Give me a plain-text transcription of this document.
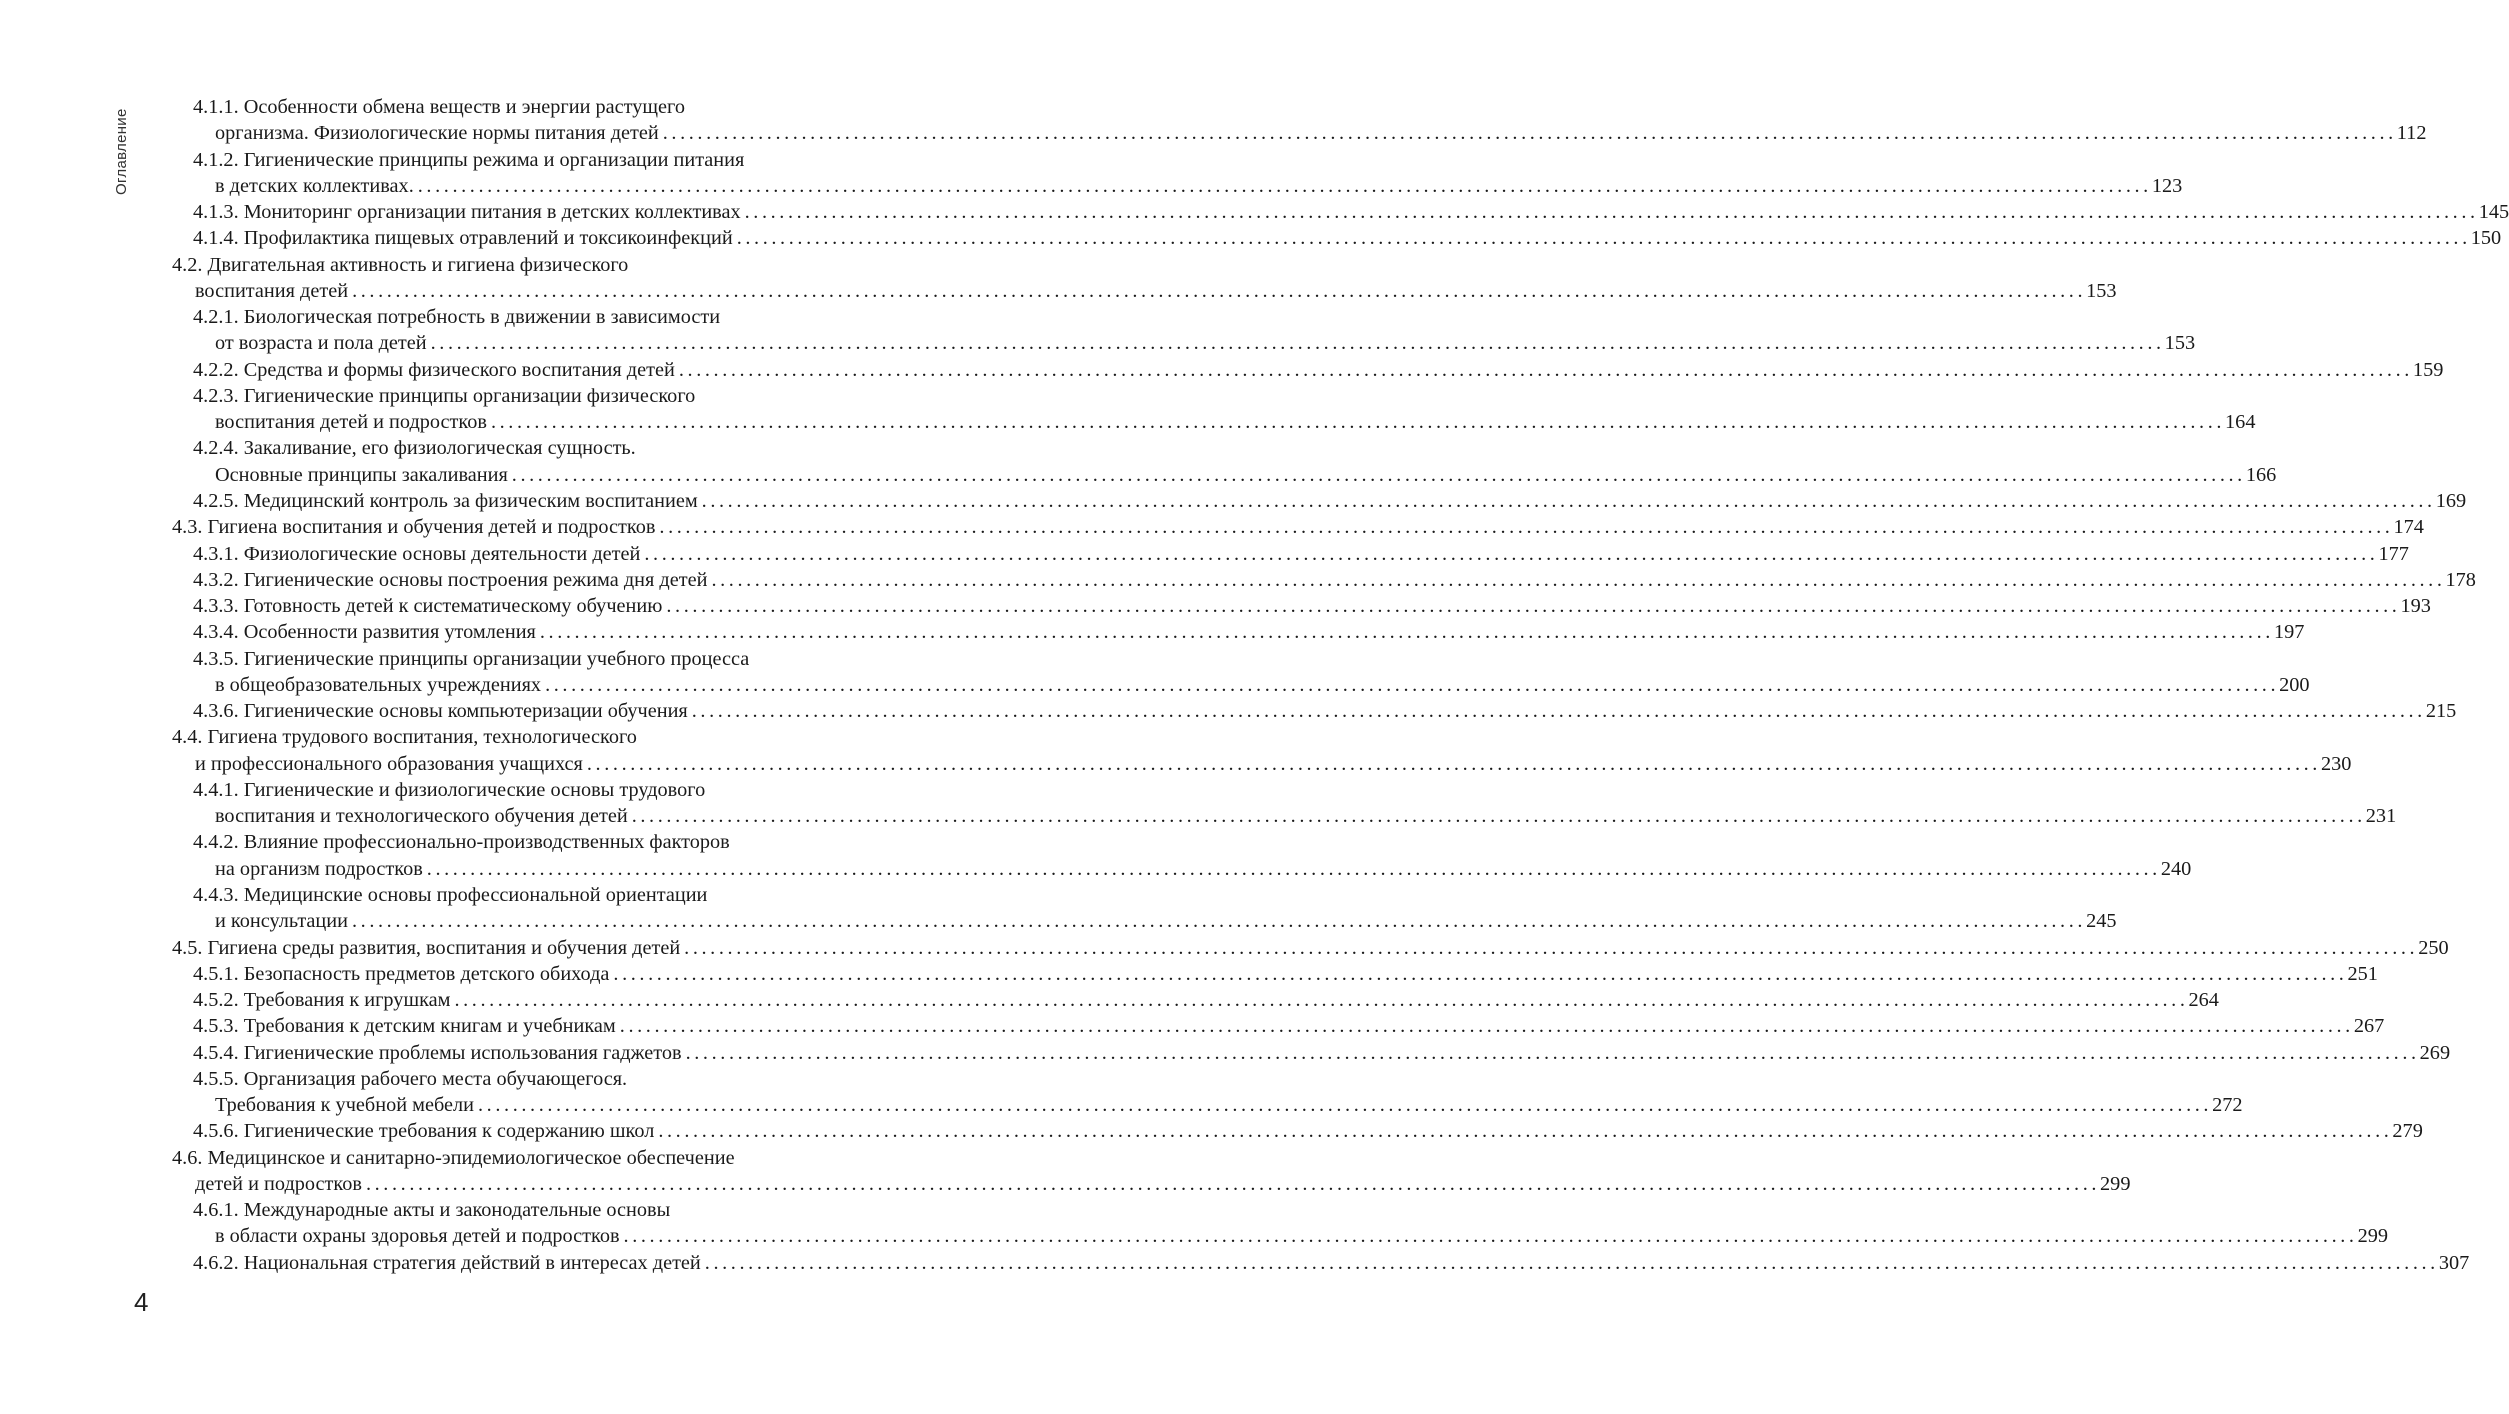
Оглавление
4.1.1. Особенности обмена веществ и энергии растущего
организма. Физиологические нормы питания детей ........................................................................................................................................................................................................ 112
4.1.2. Гигиенические принципы режима и организации питания
в детских коллективах. ........................................................................................................................................................................................................ 123
4.1.3. Мониторинг организации питания в детских коллективах ........................................................................................................................................................................................................ 145
4.1.4. Профилактика пищевых отравлений и токсикоинфекций ........................................................................................................................................................................................................ 150
4.2. Двигательная активность и гигиена физического
воспитания детей ........................................................................................................................................................................................................ 153
4.2.1. Биологическая потребность в движении в зависимости
от возраста и пола детей ........................................................................................................................................................................................................ 153
4.2.2. Средства и формы физического воспитания детей ........................................................................................................................................................................................................ 159
4.2.3. Гигиенические принципы организации физического
воспитания детей и подростков ........................................................................................................................................................................................................ 164
4.2.4. Закаливание, его физиологическая сущность.
Основные принципы закаливания ........................................................................................................................................................................................................ 166
4.2.5. Медицинский контроль за физическим воспитанием ........................................................................................................................................................................................................ 169
4.3. Гигиена воспитания и обучения детей и подростков ........................................................................................................................................................................................................ 174
4.3.1. Физиологические основы деятельности детей ........................................................................................................................................................................................................ 177
4.3.2. Гигиенические основы построения режима дня детей ........................................................................................................................................................................................................ 178
4.3.3. Готовность детей к систематическому обучению ........................................................................................................................................................................................................ 193
4.3.4. Особенности развития утомления ........................................................................................................................................................................................................ 197
4.3.5. Гигиенические принципы организации учебного процесса
в общеобразовательных учреждениях ........................................................................................................................................................................................................ 200
4.3.6. Гигиенические основы компьютеризации обучения ........................................................................................................................................................................................................ 215
4.4. Гигиена трудового воспитания, технологического
и профессионального образования учащихся ........................................................................................................................................................................................................ 230
4.4.1. Гигиенические и физиологические основы трудового
воспитания и технологического обучения детей ........................................................................................................................................................................................................ 231
4.4.2. Влияние профессионально-производственных факторов
на организм подростков ........................................................................................................................................................................................................ 240
4.4.3. Медицинские основы профессиональной ориентации
и консультации ........................................................................................................................................................................................................ 245
4.5. Гигиена среды развития, воспитания и обучения детей ........................................................................................................................................................................................................ 250
4.5.1. Безопасность предметов детского обихода ........................................................................................................................................................................................................ 251
4.5.2. Требования к игрушкам ........................................................................................................................................................................................................ 264
4.5.3. Требования к детским книгам и учебникам ........................................................................................................................................................................................................ 267
4.5.4. Гигиенические проблемы использования гаджетов ........................................................................................................................................................................................................ 269
4.5.5. Организация рабочего места обучающегося.
Требования к учебной мебели ........................................................................................................................................................................................................ 272
4.5.6. Гигиенические требования к содержанию школ ........................................................................................................................................................................................................ 279
4.6. Медицинское и санитарно-эпидемиологическое обеспечение
детей и подростков ........................................................................................................................................................................................................ 299
4.6.1. Международные акты и законодательные основы
в области охраны здоровья детей и подростков ........................................................................................................................................................................................................ 299
4.6.2. Национальная стратегия действий в интересах детей ........................................................................................................................................................................................................ 307
4
